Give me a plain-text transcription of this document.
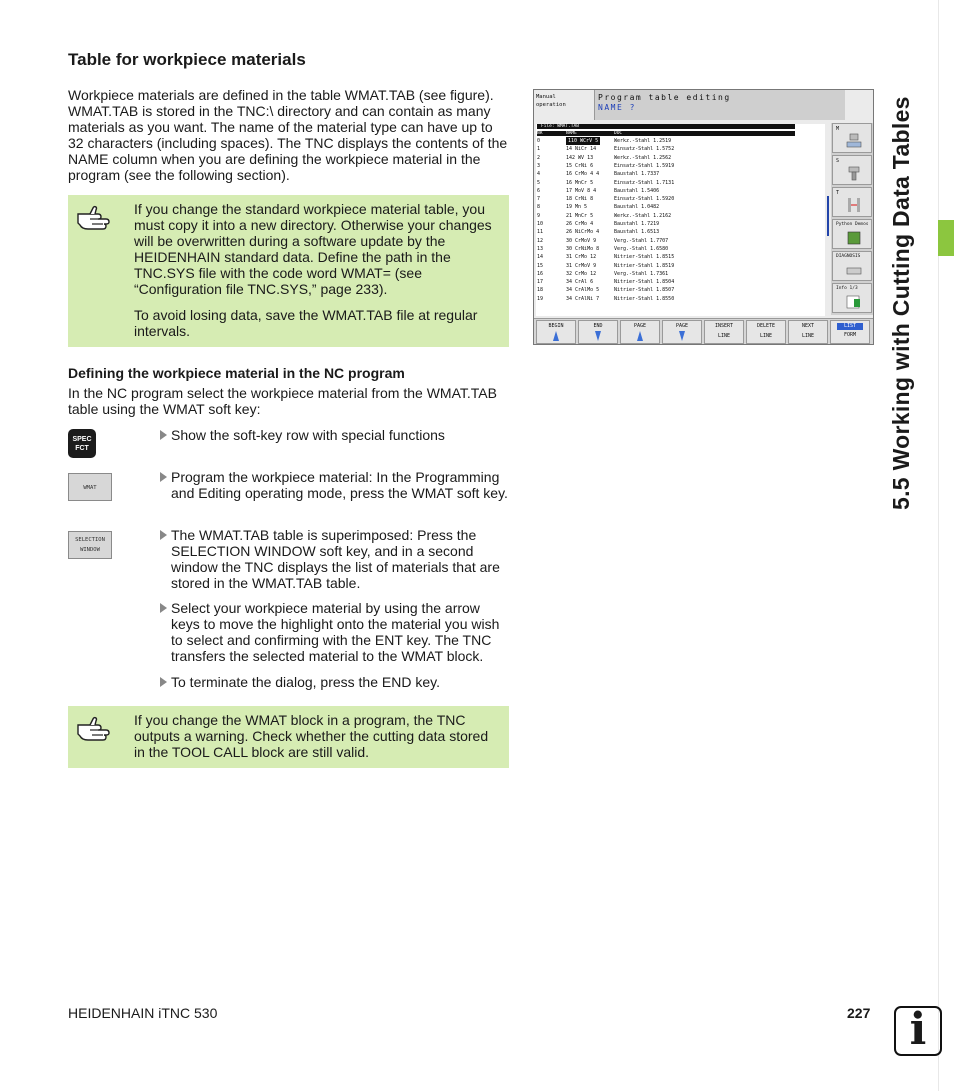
5.5 Working with Cutting Data Tables
Table for workpiece materials
Workpiece materials are defined in the table WMAT.TAB (see figure). WMAT.TAB is stored in the TNC:\ directory and can contain as many materials as you want. The name of the material type can have up to 32 characters (including spaces). The TNC displays the contents of the NAME column when you are defining the workpiece material in the program (see the following section).

If you change the standard workpiece material table, you must copy it into a new directory. Otherwise your changes will be overwritten during a software update by the HEIDENHAIN standard data. Define the path in the TNC.SYS file with the code word WMAT= (see “Configuration file TNC.SYS,” page 233).

To avoid losing data, save the WMAT.TAB file at regular intervals.

Defining the workpiece material in the NC program
In the NC program select the workpiece material from the WMAT.TAB table using the WMAT soft key:
SPEC
FCT
WMAT
SELECTION
WINDOW
Show the soft-key row with special functions
Program the workpiece material: In the Programming and Editing operating mode, press the WMAT soft key.
The WMAT.TAB table is superimposed: Press the SELECTION WINDOW soft key, and in a second window the TNC displays the list of materials that are stored in the WMAT.TAB table.
Select your workpiece material by using the arrow keys to move the highlight onto the material you wish to select and confirming with the ENT key. The TNC transfers the selected material to the WMAT block.
To terminate the dialog, press the END key.
If you change the WMAT block in a program, the TNC outputs a warning. Check whether the cutting data stored in the TOOL CALL block are still valid.
Manual
operation
Program table editing
NAME ?
File: WMAT.TAB
NR	NAME	DOC
0	110 WCrV 5	Werkz.-Stahl 1.2519
1	14 NiCr 14	Einsatz-Stahl 1.5752
2	142 WV 13	Werkz.-Stahl 1.2562
3	15 CrNi 6	Einsatz-Stahl 1.5919
4	16 CrMo 4 4	Baustahl 1.7337
5	16 MnCr 5	Einsatz-Stahl 1.7131
6	17 MoV 8 4	Baustahl 1.5406
7	18 CrNi 8	Einsatz-Stahl 1.5920
8	19 Mn 5	Baustahl 1.0482
9	21 MnCr 5	Werkz.-Stahl 1.2162
10	26 CrMo 4	Baustahl 1.7219
11	26 NiCrMo 4	Baustahl 1.6513
12	30 CrMoV 9	Verg.-Stahl 1.7707
13	30 CrNiMo 8	Verg.-Stahl 1.6580
14	31 CrMo 12	Nitrier-Stahl 1.8515
15	31 CrMoV 9	Nitrier-Stahl 1.8519
16	32 CrMo 12	Verg.-Stahl 1.7361
17	34 CrAl 6	Nitrier-Stahl 1.8504
18	34 CrAlMo 5	Nitrier-Stahl 1.8507
19	34 CrAlNi 7	Nitrier-Stahl 1.8550
M
S
T
Python Demos
DIAGNOSIS
Info 1/3
BEGIN	END	PAGE	PAGE	INSERT
LINE
DELETE
LINE
NEXT
LINE
LIST
FORM
HEIDENHAIN iTNC 530	227 i
